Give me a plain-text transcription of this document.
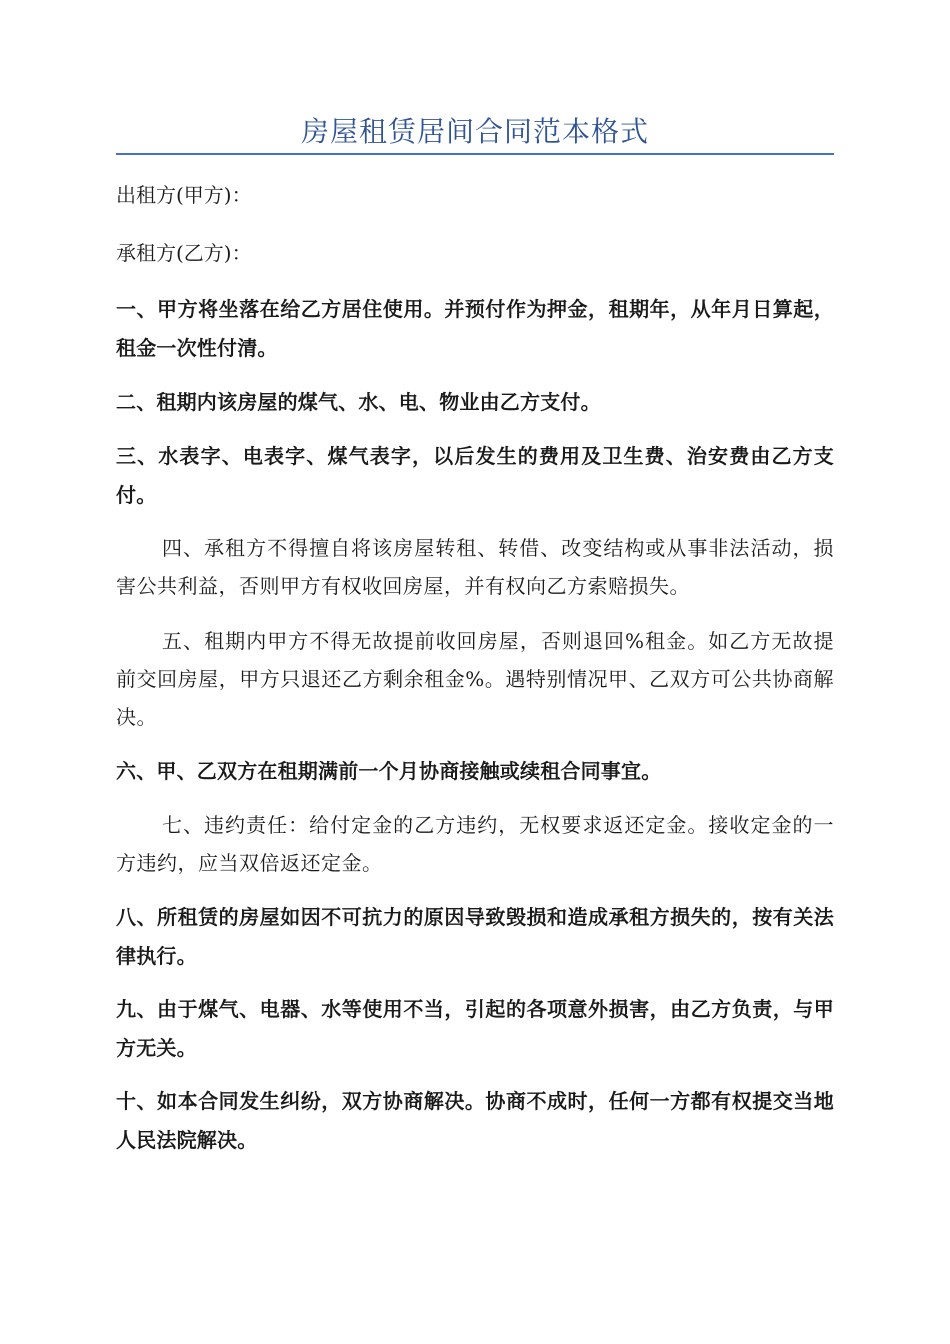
房屋租赁居间合同范本格式

出租方(甲方)：

承租方(乙方)：

一、甲方将坐落在给乙方居住使用。并预付作为押金，租期年，从年月日算起，租金一次性付清。

二、租期内该房屋的煤气、水、电、物业由乙方支付。

三、水表字、电表字、煤气表字，以后发生的费用及卫生费、治安费由乙方支付。

四、承租方不得擅自将该房屋转租、转借、改变结构或从事非法活动，损害公共利益，否则甲方有权收回房屋，并有权向乙方索赔损失。

五、租期内甲方不得无故提前收回房屋，否则退回%租金。如乙方无故提前交回房屋，甲方只退还乙方剩余租金%。遇特别情况甲、乙双方可公共协商解决。

六、甲、乙双方在租期满前一个月协商接触或续租合同事宜。

七、违约责任：给付定金的乙方违约，无权要求返还定金。接收定金的一方违约，应当双倍返还定金。

八、所租赁的房屋如因不可抗力的原因导致毁损和造成承租方损失的，按有关法律执行。

九、由于煤气、电器、水等使用不当，引起的各项意外损害，由乙方负责，与甲方无关。

十、如本合同发生纠纷，双方协商解决。协商不成时，任何一方都有权提交当地人民法院解决。
